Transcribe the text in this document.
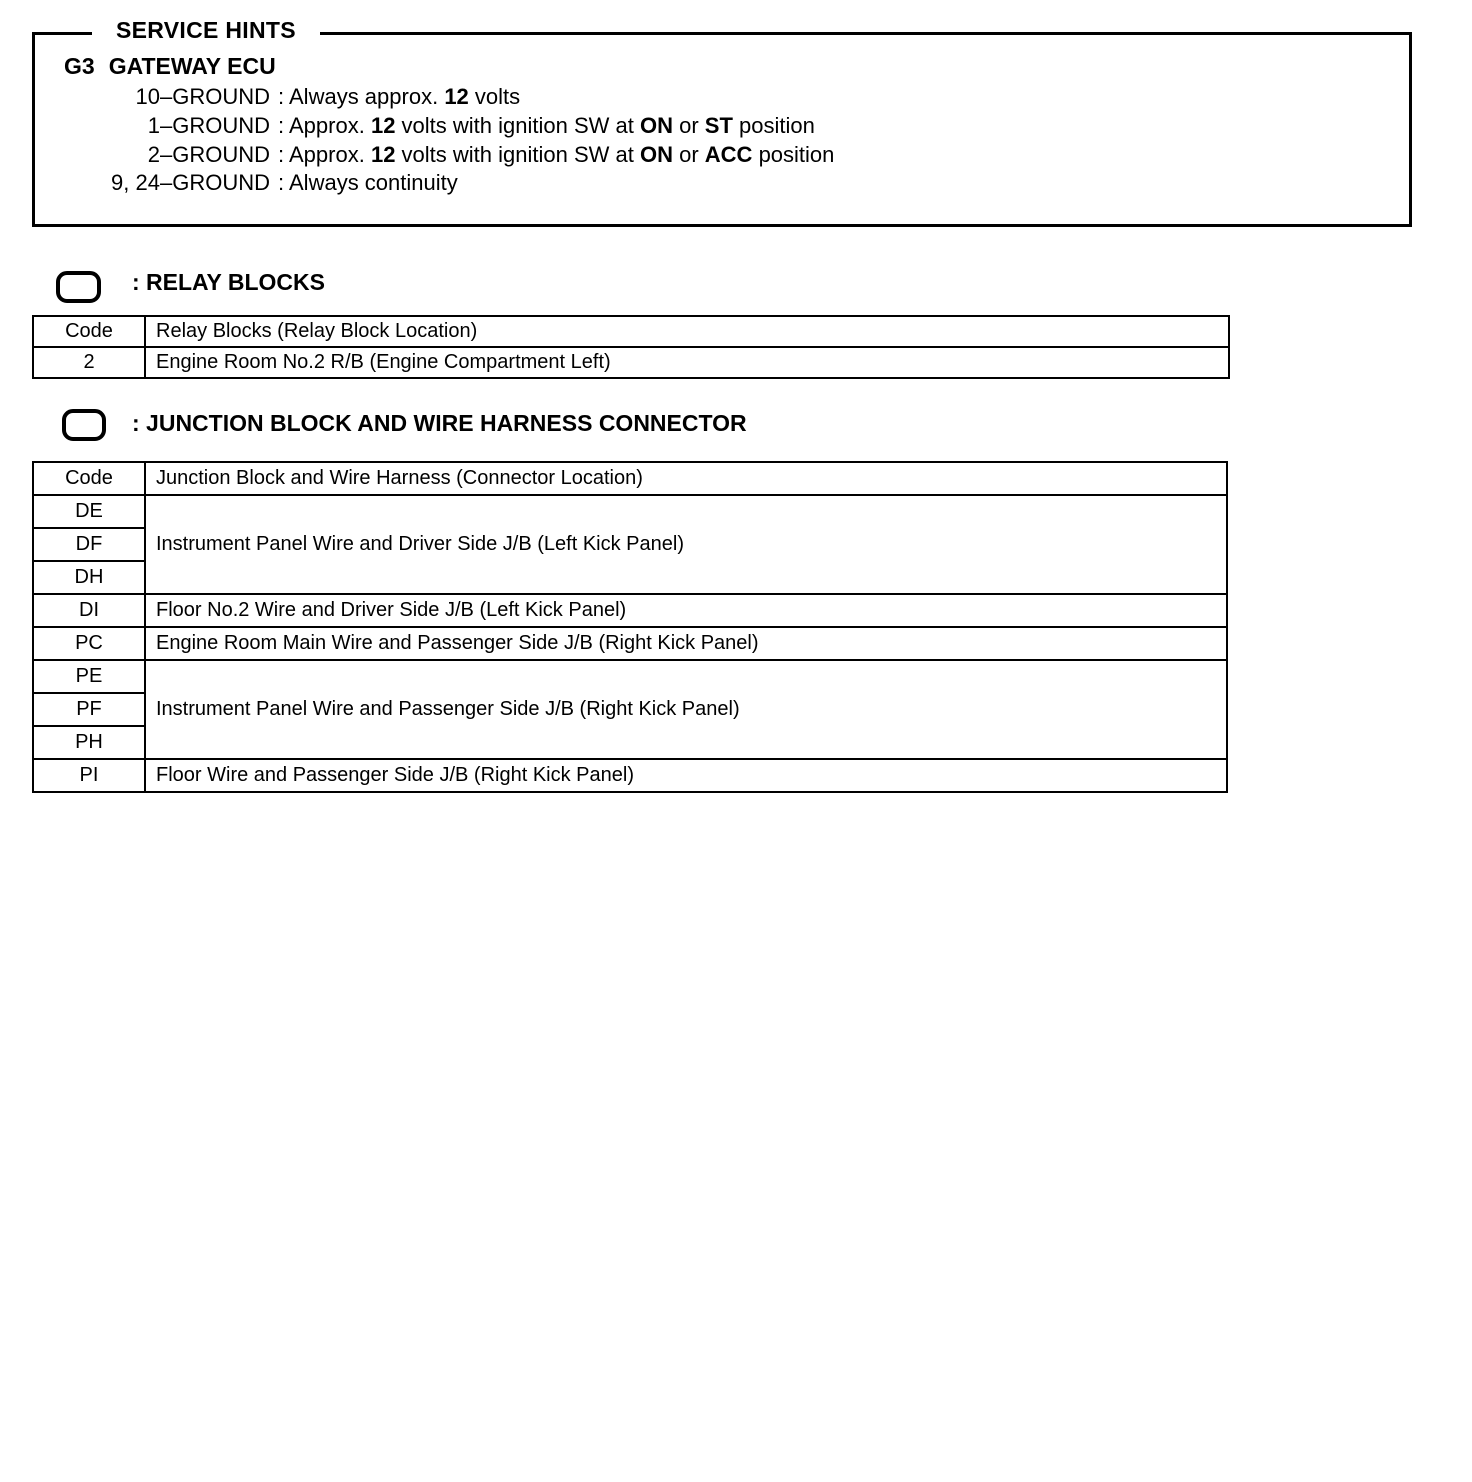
SERVICE HINTS
G3 GATEWAY ECU
10–GROUND : Always approx. 12 volts
1–GROUND : Approx. 12 volts with ignition SW at ON or ST position
2–GROUND : Approx. 12 volts with ignition SW at ON or ACC position
9, 24–GROUND : Always continuity
: RELAY BLOCKS
Code	Relay Blocks (Relay Block Location)
2	Engine Room No.2 R/B (Engine Compartment Left)
: JUNCTION BLOCK AND WIRE HARNESS CONNECTOR
Code	Junction Block and Wire Harness (Connector Location)
DE	Instrument Panel Wire and Driver Side J/B (Left Kick Panel)
DF	
DH	
DI	Floor No.2 Wire and Driver Side J/B (Left Kick Panel)
PC	Engine Room Main Wire and Passenger Side J/B (Right Kick Panel)
PE	Instrument Panel Wire and Passenger Side J/B (Right Kick Panel)
PF	
PH	
PI	Floor Wire and Passenger Side J/B (Right Kick Panel)
